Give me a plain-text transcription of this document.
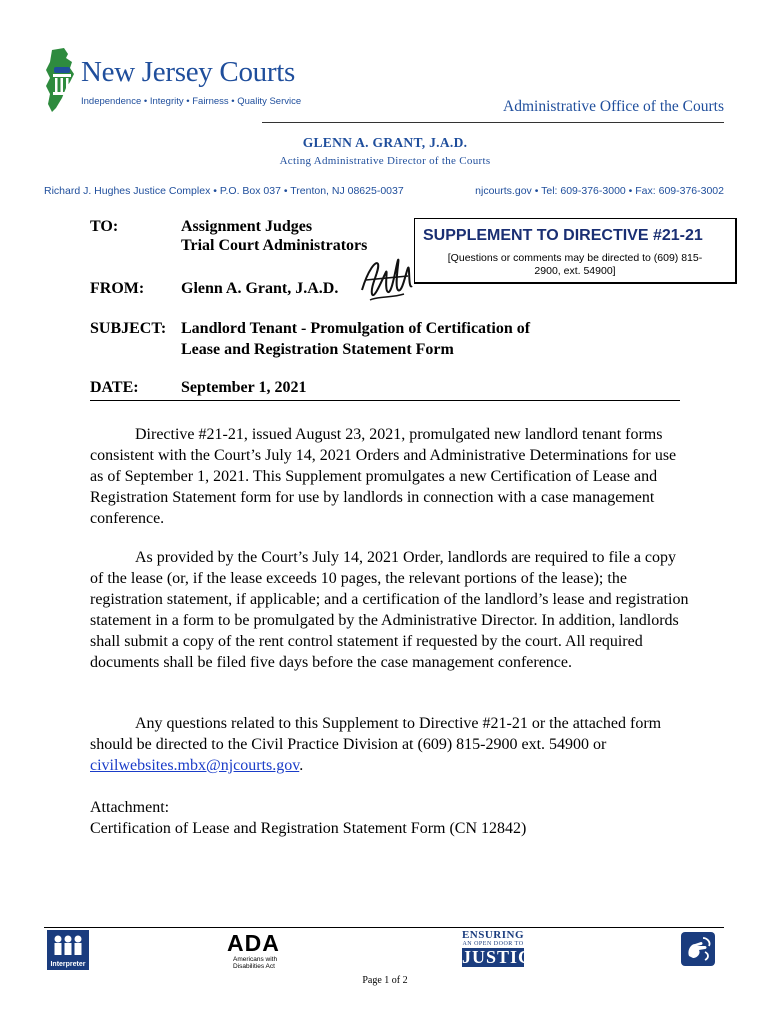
New Jersey Courts
Independence • Integrity • Fairness • Quality Service	Administrative Office of the Courts
GLENN A. GRANT, J.A.D.
Acting Administrative Director of the Courts
Richard J. Hughes Justice Complex • P.O. Box 037 • Trenton, NJ 08625-0037	njcourts.gov • Tel: 609-376-3000 • Fax: 609-376-3002
TO:	Assignment Judges
Trial Court Administrators
SUPPLEMENT TO DIRECTIVE #21-21
[Questions or comments may be directed to (609) 815-
2900, ext. 54900]
FROM: Glenn A. Grant, J.A.D.
SUBJECT: Landlord Tenant - Promulgation of Certification of
Lease and Registration Statement Form
DATE:	September 1, 2021
Directive #21-21, issued August 23, 2021, promulgated new landlord tenant forms consistent with the Court’s July 14, 2021 Orders and Administrative Determinations for use as of September 1, 2021. This Supplement promulgates a new Certification of Lease and Registration Statement form for use by landlords in connection with a case management conference.
As provided by the Court’s July 14, 2021 Order, landlords are required to file a copy of the lease (or, if the lease exceeds 10 pages, the relevant portions of the lease); the registration statement, if applicable; and a certification of the landlord’s lease and registration statement in a form to be promulgated by the Administrative Director. In addition, landlords shall submit a copy of the rent control statement if requested by the court. All required documents shall be filed five days before the case management conference.
Any questions related to this Supplement to Directive #21-21 or the attached form should be directed to the Civil Practice Division at (609) 815-2900 ext. 54900 or civilwebsites.mbx@njcourts.gov.
Attachment:
Certification of Lease and Registration Statement Form (CN 12842)
Interpreter
ADA
Americans with
Disabilities Act
ENSURING
AN OPEN DOOR TO
JUSTICE
Page 1 of 2
